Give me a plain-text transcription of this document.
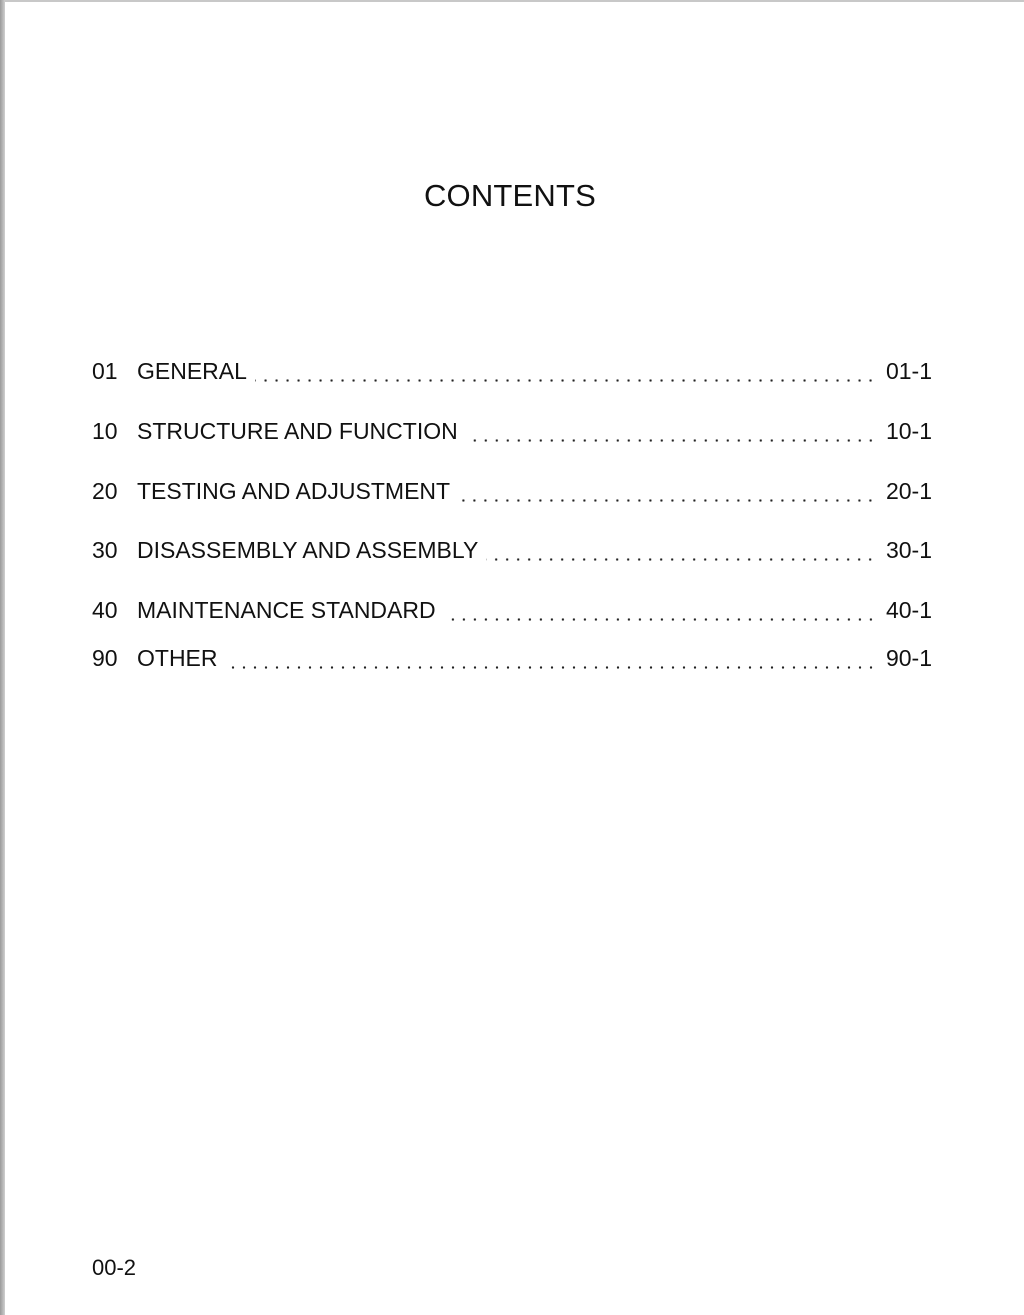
CONTENTS
01 GENERAL	01-1
10 STRUCTURE AND FUNCTION	10-1
20 TESTING AND ADJUSTMENT	20-1
30 DISASSEMBLY AND ASSEMBLY	30-1
40 MAINTENANCE STANDARD	40-1
90 OTHER	90-1
00-2
